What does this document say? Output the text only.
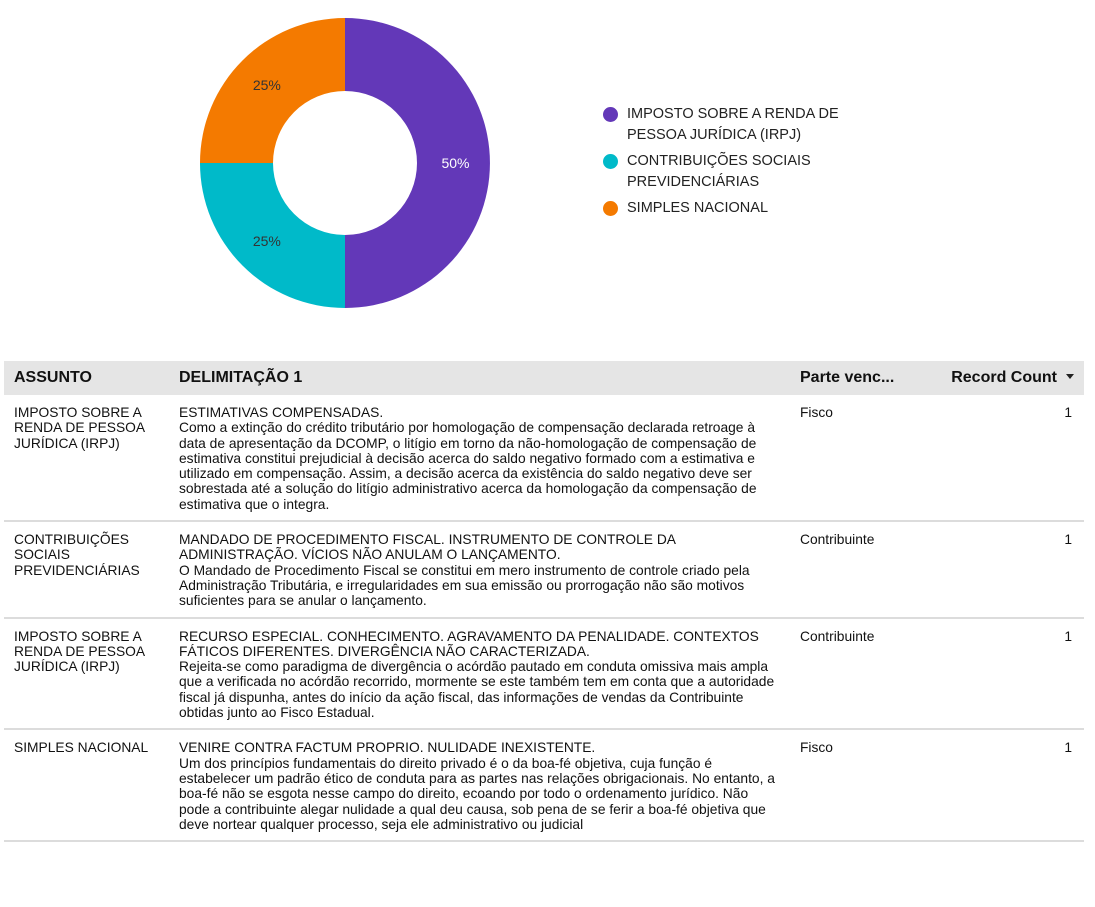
50%
25%
25%
IMPOSTO SOBRE A RENDA DE PESSOA JURÍDICA (IRPJ)
CONTRIBUIÇÕES SOCIAIS PREVIDENCIÁRIAS
SIMPLES NACIONAL
ASSUNTO	DELIMITAÇÃO 1	Parte venc...	Record Count
IMPOSTO SOBRE A RENDA DE PESSOA JURÍDICA (IRPJ)	ESTIMATIVAS COMPENSADAS.
Como a extinção do crédito tributário por homologação de compensação declarada retroage à data de apresentação da DCOMP, o litígio em torno da não-homologação de compensação de estimativa constitui prejudicial à decisão acerca do saldo negativo formado com a estimativa e utilizado em compensação. Assim, a decisão acerca da existência do saldo negativo deve ser sobrestada até a solução do litígio administrativo acerca da homologação da compensação de estimativa que o integra.	Fisco	1
CONTRIBUIÇÕES SOCIAIS PREVIDENCIÁRIAS	MANDADO DE PROCEDIMENTO FISCAL. INSTRUMENTO DE CONTROLE DA ADMINISTRAÇÃO. VÍCIOS NÃO ANULAM O LANÇAMENTO.
O Mandado de Procedimento Fiscal se constitui em mero instrumento de controle criado pela Administração Tributária, e irregularidades em sua emissão ou prorrogação não são motivos suficientes para se anular o lançamento.	Contribuinte	1
IMPOSTO SOBRE A RENDA DE PESSOA JURÍDICA (IRPJ)	RECURSO ESPECIAL. CONHECIMENTO. AGRAVAMENTO DA PENALIDADE. CONTEXTOS FÁTICOS DIFERENTES. DIVERGÊNCIA NÃO CARACTERIZADA.
Rejeita-se como paradigma de divergência o acórdão pautado em conduta omissiva mais ampla que a verificada no acórdão recorrido, mormente se este também tem em conta que a autoridade fiscal já dispunha, antes do início da ação fiscal, das informações de vendas da Contribuinte obtidas junto ao Fisco Estadual.	Contribuinte	1
SIMPLES NACIONAL	VENIRE CONTRA FACTUM PROPRIO. NULIDADE INEXISTENTE.
Um dos princípios fundamentais do direito privado é o da boa-fé objetiva, cuja função é estabelecer um padrão ético de conduta para as partes nas relações obrigacionais. No entanto, a boa-fé não se esgota nesse campo do direito, ecoando por todo o ordenamento jurídico. Não pode a contribuinte alegar nulidade a qual deu causa, sob pena de se ferir a boa-fé objetiva que deve nortear qualquer processo, seja ele administrativo ou judicial	Fisco	1
